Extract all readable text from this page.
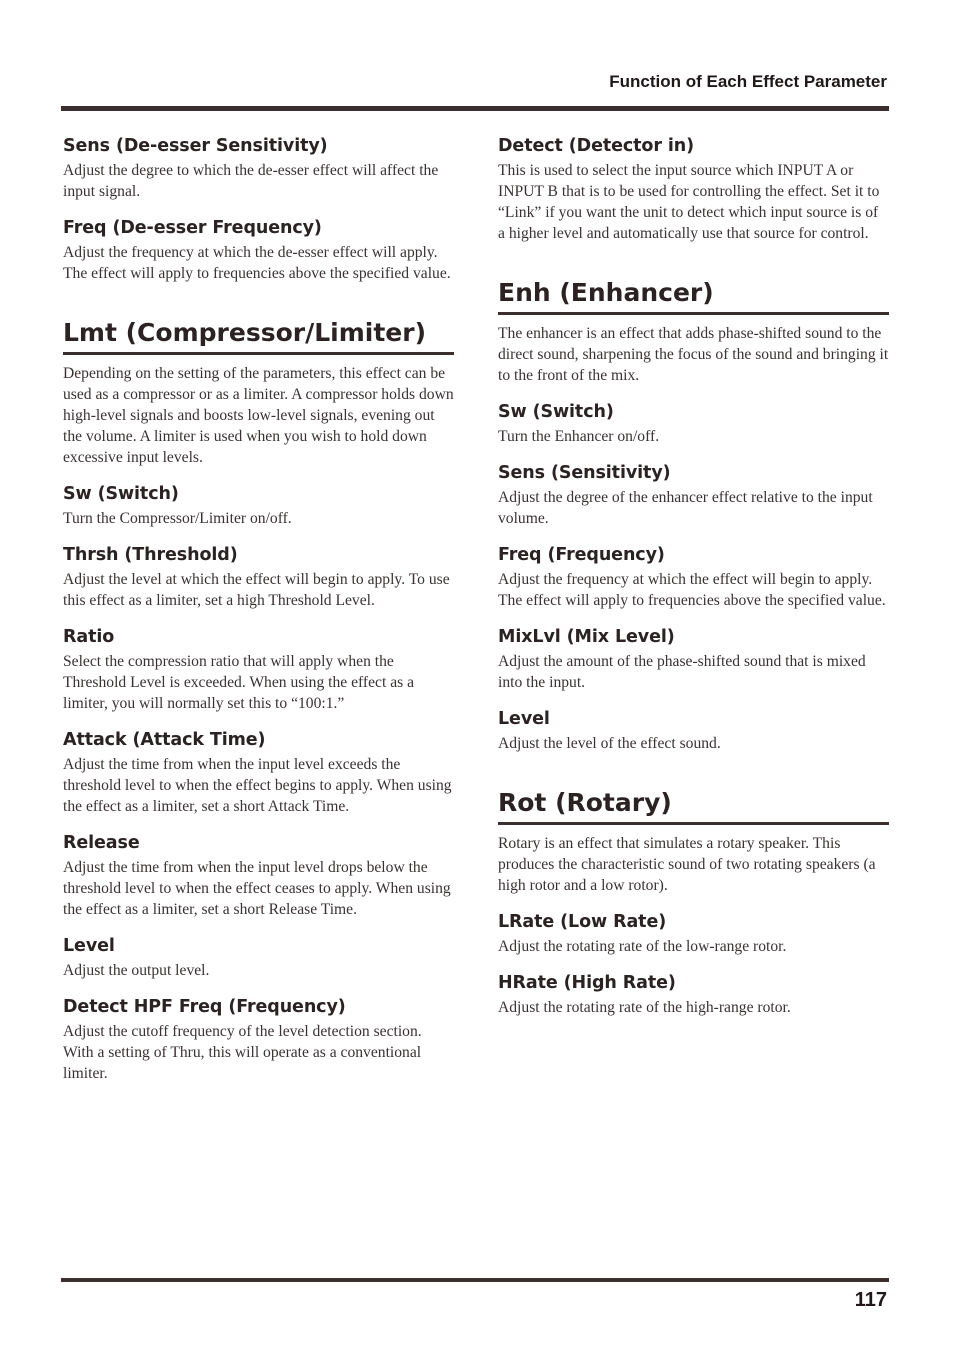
Function of Each Effect Parameter
Sens (De-esser Sensitivity)

Adjust the degree to which the de-esser effect will affect the input signal.

Freq (De-esser Frequency)

Adjust the frequency at which the de-esser effect will apply. The effect will apply to frequencies above the specified value.

Lmt (Compressor/Limiter)

Depending on the setting of the parameters, this effect can be used as a compressor or as a limiter. A compressor holds down high-level signals and boosts low-level signals, evening out the volume. A limiter is used when you wish to hold down excessive input levels.

Sw (Switch)

Turn the Compressor/Limiter on/off.

Thrsh (Threshold)

Adjust the level at which the effect will begin to apply. To use this effect as a limiter, set a high Threshold Level.

Ratio

Select the compression ratio that will apply when the Threshold Level is exceeded. When using the effect as a limiter, you will normally set this to “100:1.”

Attack (Attack Time)

Adjust the time from when the input level exceeds the threshold level to when the effect begins to apply. When using the effect as a limiter, set a short Attack Time.

Release

Adjust the time from when the input level drops below the threshold level to when the effect ceases to apply. When using the effect as a limiter, set a short Release Time.

Level

Adjust the output level.

Detect HPF Freq (Frequency)

Adjust the cutoff frequency of the level detection section. With a setting of Thru, this will operate as a conventional limiter.

Detect (Detector in)

This is used to select the input source which INPUT A or INPUT B that is to be used for controlling the effect. Set it to “Link” if you want the unit to detect which input source is of a higher level and automatically use that source for control.

Enh (Enhancer)

The enhancer is an effect that adds phase-shifted sound to the direct sound, sharpening the focus of the sound and bringing it to the front of the mix.

Sw (Switch)

Turn the Enhancer on/off.

Sens (Sensitivity)

Adjust the degree of the enhancer effect relative to the input volume.

Freq (Frequency)

Adjust the frequency at which the effect will begin to apply. The effect will apply to frequencies above the specified value.

MixLvl (Mix Level)

Adjust the amount of the phase-shifted sound that is mixed into the input.

Level

Adjust the level of the effect sound.

Rot (Rotary)

Rotary is an effect that simulates a rotary speaker. This produces the characteristic sound of two rotating speakers (a high rotor and a low rotor).

LRate (Low Rate)

Adjust the rotating rate of the low-range rotor.

HRate (High Rate)

Adjust the rotating rate of the high-range rotor.

117
